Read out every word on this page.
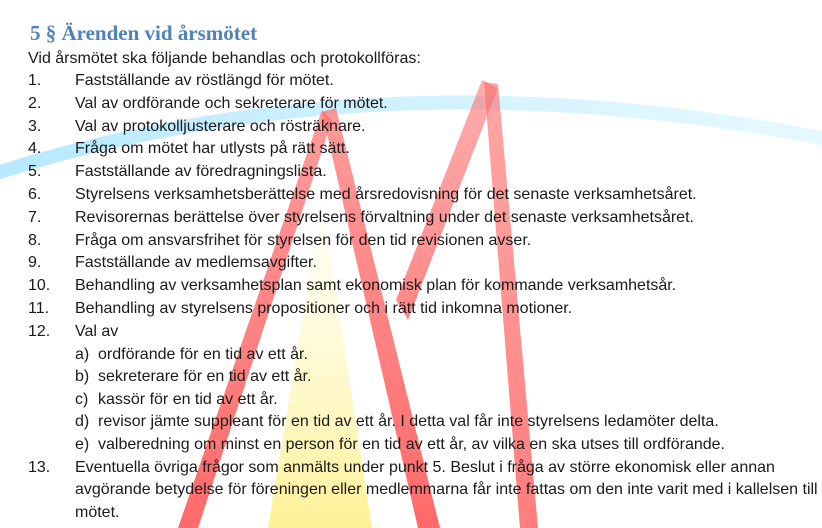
5 § Ärenden vid årsmötet
Vid årsmötet ska följande behandlas och protokollföras:
1.	Fastställande av röstlängd för mötet.
2.	Val av ordförande och sekreterare för mötet.
3.	Val av protokolljusterare och rösträknare.
4.	Fråga om mötet har utlysts på rätt sätt.
5.	Fastställande av föredragningslista.
6.	Styrelsens verksamhetsberättelse med årsredovisning för det senaste verksamhetsåret.
7.	Revisorernas berättelse över styrelsens förvaltning under det senaste verksamhetsåret.
8.	Fråga om ansvarsfrihet för styrelsen för den tid revisionen avser.
9.	Fastställande av medlemsavgifter.
10.	Behandling av verksamhetsplan samt ekonomisk plan för kommande verksamhetsår.
11.	Behandling av styrelsens propositioner och i rätt tid inkomna motioner.
12.	Val av
a) ordförande för en tid av ett år.
b) sekreterare för en tid av ett år.
c) kassör för en tid av ett år.
d) revisor jämte suppleant för en tid av ett år. I detta val får inte styrelsens ledamöter delta.
e) valberedning om minst en person för en tid av ett år, av vilka en ska utses till ordförande.
13.	Eventuella övriga frågor som anmälts under punkt 5. Beslut i fråga av större ekonomisk eller annan avgörande betydelse för föreningen eller medlemmarna får inte fattas om den inte varit med i kallelsen till mötet.
